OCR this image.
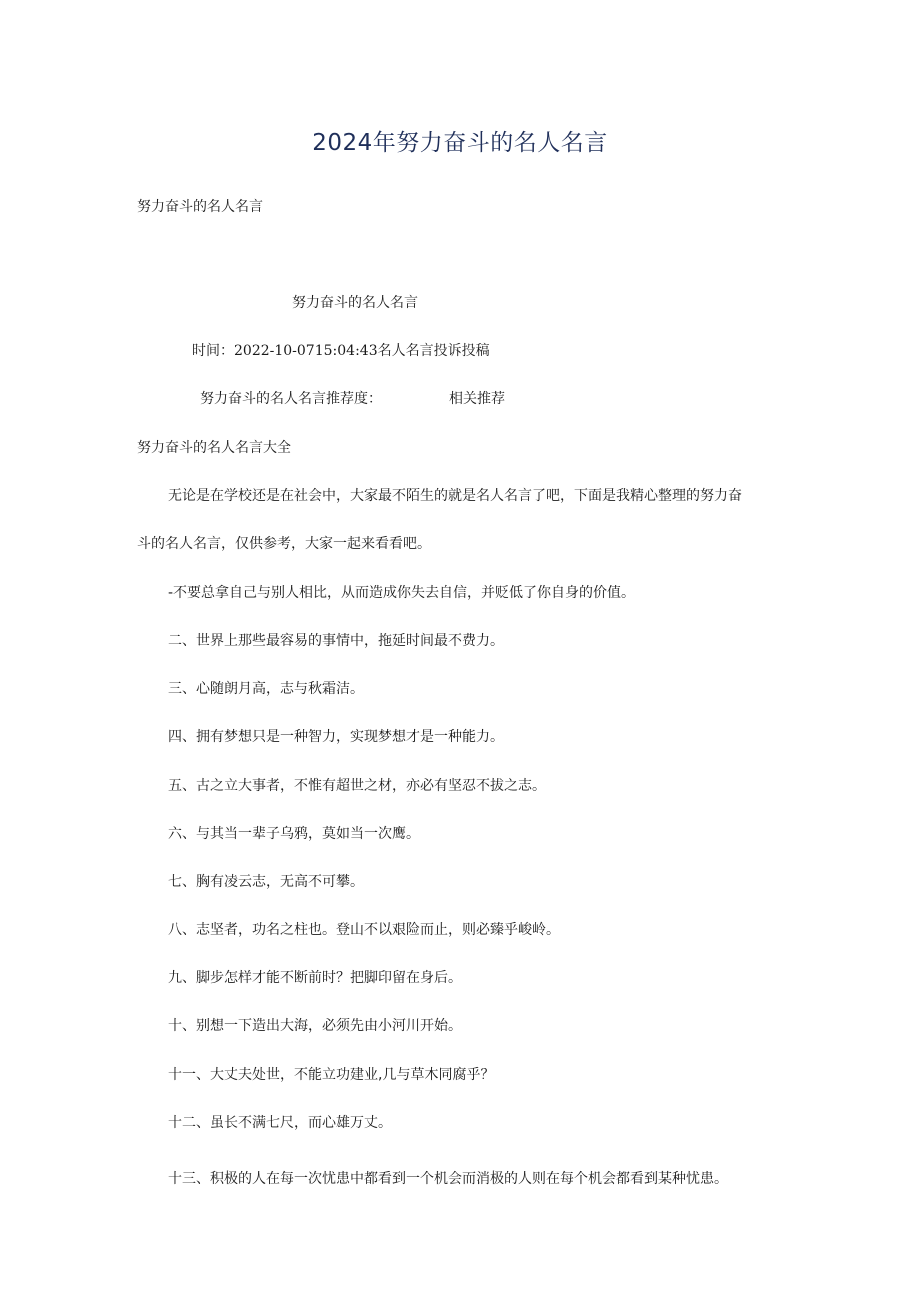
2024年努力奋斗的名人名言
努力奋斗的名人名言
努力奋斗的名人名言
时间：2022-10-0715:04:43名人名言投诉投稿
努力奋斗的名人名言推荐度：	相关推荐
努力奋斗的名人名言大全
无论是在学校还是在社会中，大家最不陌生的就是名人名言了吧，下面是我精心整理的努力奋
斗的名人名言，仅供参考，大家一起来看看吧。
-不要总拿自己与别人相比，从而造成你失去自信，并贬低了你自身的价值。
二、世界上那些最容易的事情中，拖延时间最不费力。
三、心随朗月高，志与秋霜洁。
四、拥有梦想只是一种智力，实现梦想才是一种能力。
五、古之立大事者，不惟有超世之材，亦必有坚忍不拔之志。
六、与其当一辈子乌鸦，莫如当一次鹰。
七、胸有凌云志，无高不可攀。
八、志坚者，功名之柱也。登山不以艰险而止，则必臻乎峻岭。
九、脚步怎样才能不断前时？把脚印留在身后。
十、别想一下造出大海，必须先由小河川开始。
十一、大丈夫处世，不能立功建业,几与草木同腐乎？
十二、虽长不满七尺，而心雄万丈。
十三、积极的人在每一次忧患中都看到一个机会而消极的人则在每个机会都看到某种忧患。
